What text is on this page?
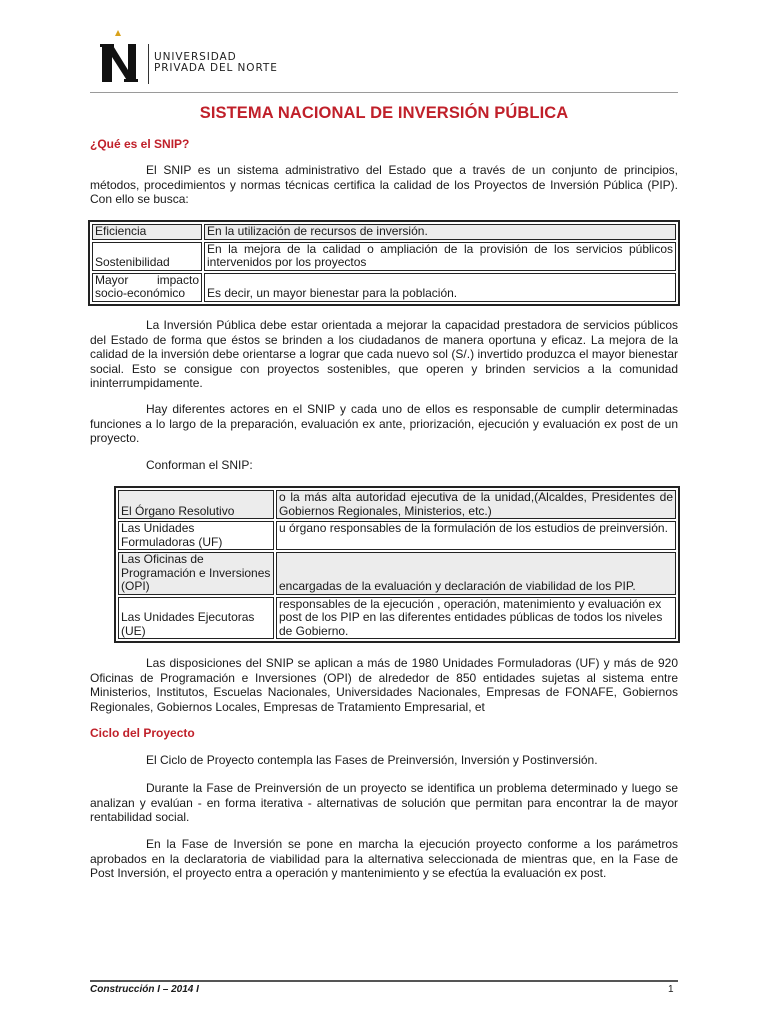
UNIVERSIDAD
PRIVADA DEL NORTE
SISTEMA NACIONAL DE INVERSIÓN PÚBLICA
¿Qué es el SNIP?

El SNIP es un sistema administrativo del Estado que a través de un conjunto de principios, métodos, procedimientos y normas técnicas certifica la calidad de los Proyectos de Inversión Pública (PIP). Con ello se busca:

Eficiencia	En la utilización de recursos de inversión.
Sostenibilidad	En la mejora de la calidad o ampliación de la provisión de los servicios públicos intervenidos por los proyectos
Mayor impacto socio-económico	Es decir, un mayor bienestar para la población.

La Inversión Pública debe estar orientada a mejorar la capacidad prestadora de servicios públicos del Estado de forma que éstos se brinden a los ciudadanos de manera oportuna y eficaz. La mejora de la calidad de la inversión debe orientarse a lograr que cada nuevo sol (S/.) invertido produzca el mayor bienestar social. Esto se consigue con proyectos sostenibles, que operen y brinden servicios a la comunidad ininterrumpidamente.

Hay diferentes actores en el SNIP y cada uno de ellos es responsable de cumplir determinadas funciones a lo largo de la preparación, evaluación ex ante, priorización, ejecución y evaluación ex post de un proyecto.

Conforman el SNIP:

El Órgano Resolutivo	o la más alta autoridad ejecutiva de la unidad,(Alcaldes, Presidentes de Gobiernos Regionales, Ministerios, etc.)
Las Unidades Formuladoras (UF)	u órgano responsables de la formulación de los estudios de preinversión.
Las Oficinas de Programación e Inversiones (OPI)	encargadas de la evaluación y declaración de viabilidad de los PIP.
Las Unidades Ejecutoras (UE)	responsables de la ejecución , operación, matenimiento y evaluación ex post de los PIP en las diferentes entidades públicas de todos los niveles de Gobierno.

Las disposiciones del SNIP se aplican a más de 1980 Unidades Formuladoras (UF) y más de 920 Oficinas de Programación e Inversiones (OPI) de alrededor de 850 entidades sujetas al sistema entre Ministerios, Institutos, Escuelas Nacionales, Universidades Nacionales, Empresas de FONAFE, Gobiernos Regionales, Gobiernos Locales, Empresas de Tratamiento Empresarial, et

Ciclo del Proyecto

El Ciclo de Proyecto contempla las Fases de Preinversión, Inversión y Postinversión.

Durante la Fase de Preinversión de un proyecto se identifica un problema determinado y luego se analizan y evalúan - en forma iterativa - alternativas de solución que permitan para encontrar la de mayor rentabilidad social.

En la Fase de Inversión se pone en marcha la ejecución proyecto conforme a los parámetros aprobados en la declaratoria de viabilidad para la alternativa seleccionada de mientras que, en la Fase de Post Inversión, el proyecto entra a operación y mantenimiento y se efectúa la evaluación ex post.

Construcción I – 2014 I	1
